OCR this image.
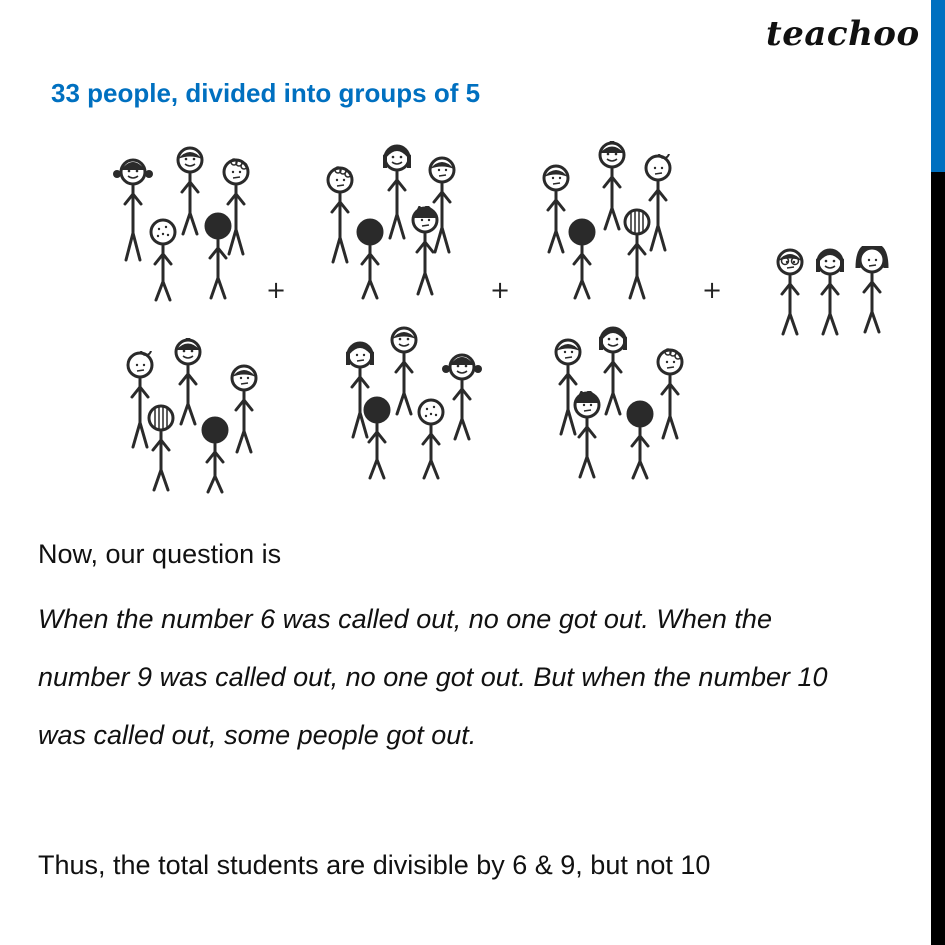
teachoo
33 people, divided into groups of 5
+	+	+
Now, our question is
When the number 6 was called out, no one got out. When the
number 9 was called out, no one got out. But when the number 10
was called out, some people got out.
Thus, the total students are divisible by 6 & 9, but not 10
